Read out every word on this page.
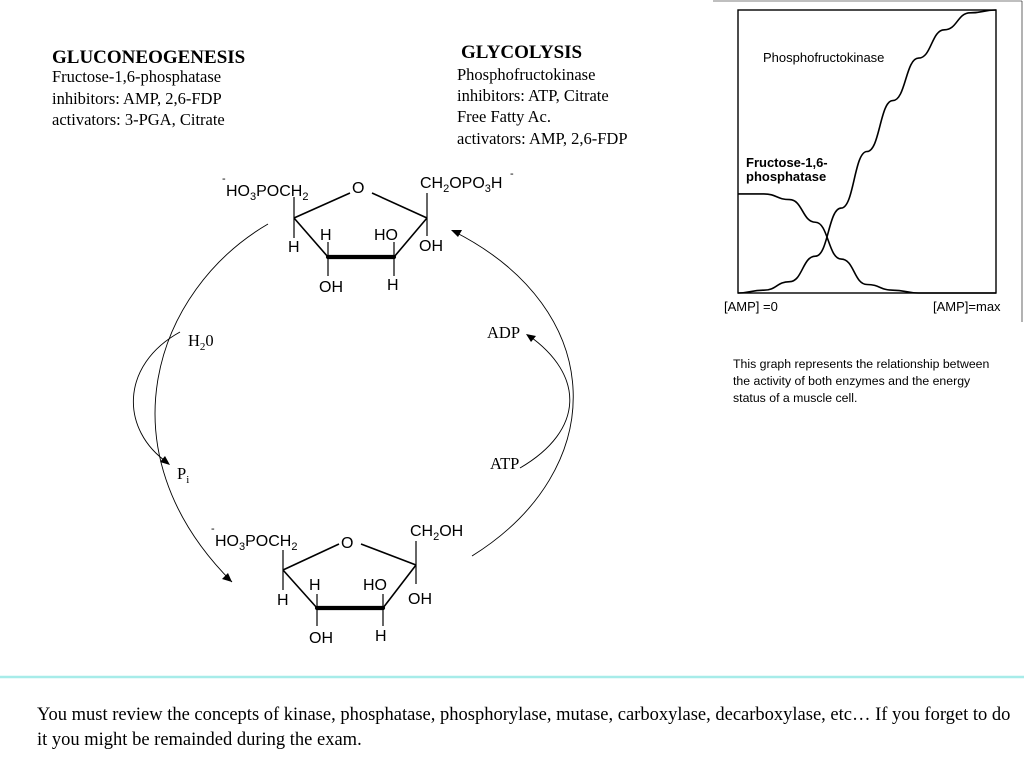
GLUCONEOGENESIS
Fructose-1,6-phosphatase
inhibitors: AMP, 2,6-FDP
activators: 3-PGA, Citrate
GLYCOLYSIS
Phosphofructokinase
inhibitors: ATP, Citrate
Free Fatty Ac.
activators: AMP, 2,6-FDP
-
$HO_3POCH_2$	O	$CH_2OPO_3H$
-
H
H	HO
OH
OH	H
-
$HO_3POCH_2$	O
$CH_2OH$
H
H	HO
OH
OH	H
$H_20$
$P_i$
ADP
ATP
Phosphofructokinase
Fructose-1,6-
phosphatase
[AMP] =0	[AMP]=max

This graph represents the relationship between the activity of both enzymes and the energy status of a muscle cell.

You must review the concepts of kinase, phosphatase, phosphorylase, mutase, carboxylase, decarboxylase, etc… If you forget to do it you might be remainded during the exam.
